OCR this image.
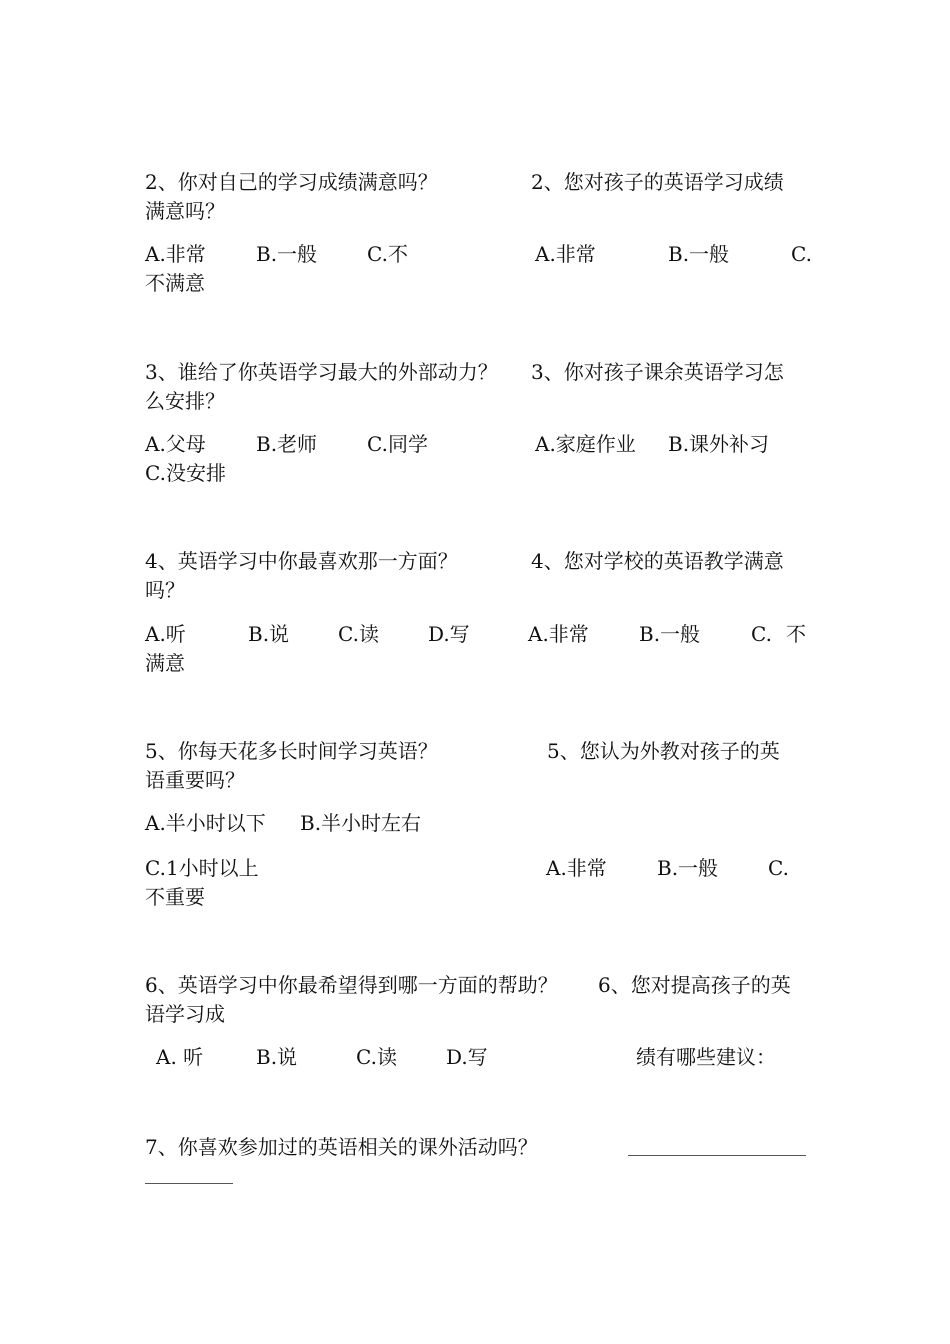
2、你对自己的学习成绩满意吗？	2、您对孩子的英语学习成绩
满意吗？
A.非常	B.一般 C.不	A.非常	B.一般	C.
不满意
3、谁给了你英语学习最大的外部动力？ 3、你对孩子课余英语学习怎
么安排？
A.父母	B.老师 C.同学	A.家庭作业 B.课外补习
C.没安排
4、英语学习中你最喜欢那一方面？	4、您对学校的英语教学满意
吗？
A.听	B.说 C.读 D.写	A.非常	B.一般	C. 不
满意
5、你每天花多长时间学习英语？	5、您认为外教对孩子的英
语重要吗？
A.半小时以下 B.半小时左右
C.1小时以上	A.非常	B.一般 C.
不重要
6、英语学习中你最希望得到哪一方面的帮助？ 6、您对提高孩子的英
语学习成
A. 听	B.说	C.读 D.写	绩有哪些建议：
7、你喜欢参加过的英语相关的课外活动吗？
